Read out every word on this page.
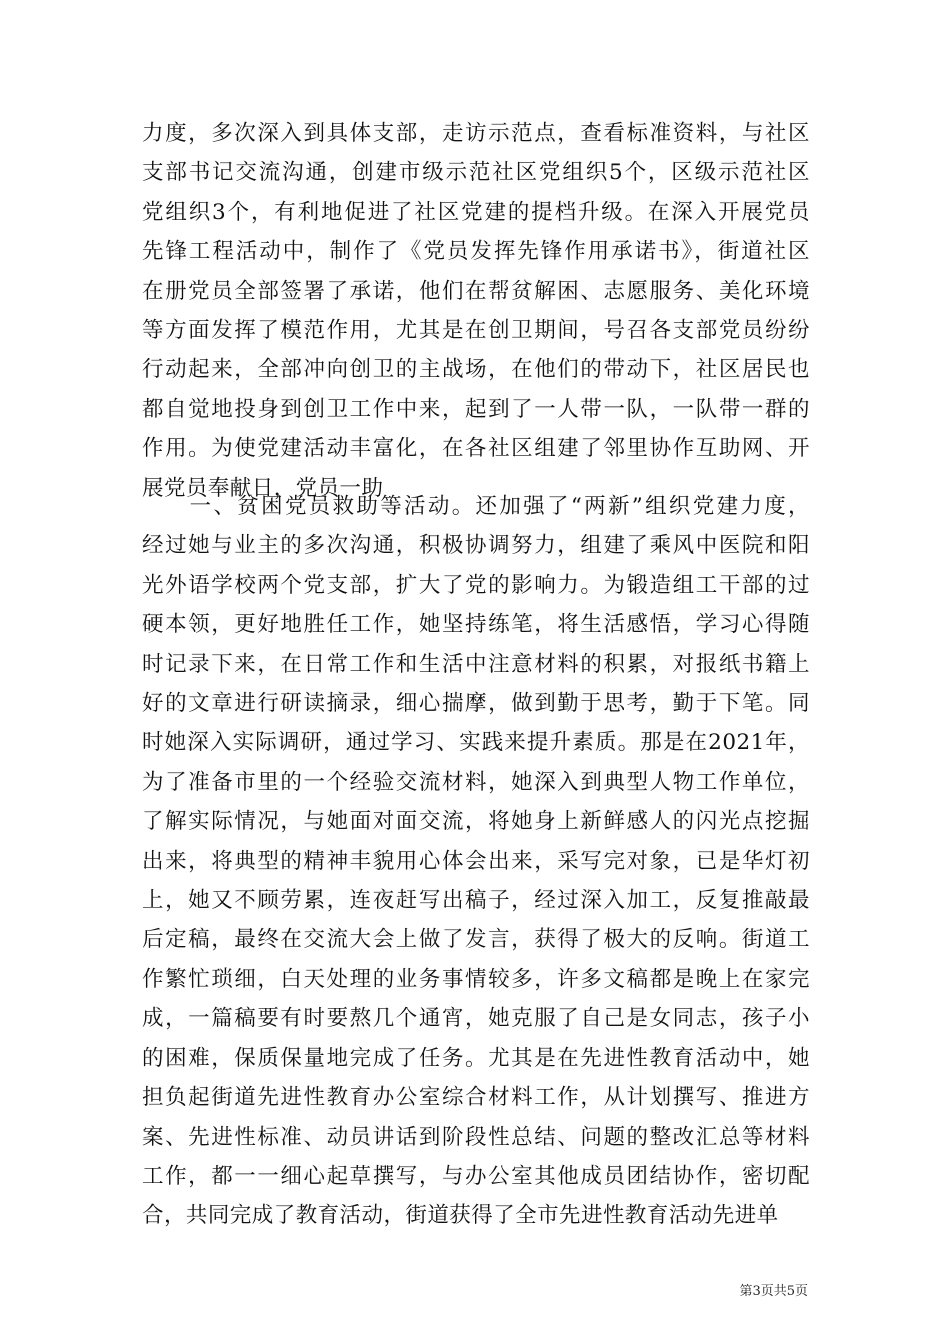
力度，多次深入到具体支部，走访示范点，查看标准资料，与社区
支部书记交流沟通，创建市级示范社区党组织5个，区级示范社区
党组织3个，有利地促进了社区党建的提档升级。在深入开展党员
先锋工程活动中，制作了《党员发挥先锋作用承诺书》，街道社区
在册党员全部签署了承诺，他们在帮贫解困、志愿服务、美化环境
等方面发挥了模范作用，尤其是在创卫期间，号召各支部党员纷纷
行动起来，全部冲向创卫的主战场，在他们的带动下，社区居民也
都自觉地投身到创卫工作中来，起到了一人带一队，一队带一群的
作用。为使党建活动丰富化，在各社区组建了邻里协作互助网、开
展党员奉献日，党员一助
　　一、贫困党员救助等活动。还加强了“两新”组织党建力度，
经过她与业主的多次沟通，积极协调努力，组建了乘风中医院和阳
光外语学校两个党支部，扩大了党的影响力。为锻造组工干部的过
硬本领，更好地胜任工作，她坚持练笔，将生活感悟，学习心得随
时记录下来，在日常工作和生活中注意材料的积累，对报纸书籍上
好的文章进行研读摘录，细心揣摩，做到勤于思考，勤于下笔。同
时她深入实际调研，通过学习、实践来提升素质。那是在2021年，
为了准备市里的一个经验交流材料，她深入到典型人物工作单位，
了解实际情况，与她面对面交流，将她身上新鲜感人的闪光点挖掘
出来，将典型的精神丰貌用心体会出来，采写完对象，已是华灯初
上，她又不顾劳累，连夜赶写出稿子，经过深入加工，反复推敲最
后定稿，最终在交流大会上做了发言，获得了极大的反响。街道工
作繁忙琐细，白天处理的业务事情较多，许多文稿都是晚上在家完
成，一篇稿要有时要熬几个通宵，她克服了自己是女同志，孩子小
的困难，保质保量地完成了任务。尤其是在先进性教育活动中，她
担负起街道先进性教育办公室综合材料工作，从计划撰写、推进方
案、先进性标准、动员讲话到阶段性总结、问题的整改汇总等材料
工作，都一一细心起草撰写，与办公室其他成员团结协作，密切配
合，共同完成了教育活动，街道获得了全市先进性教育活动先进单
第3页共5页
